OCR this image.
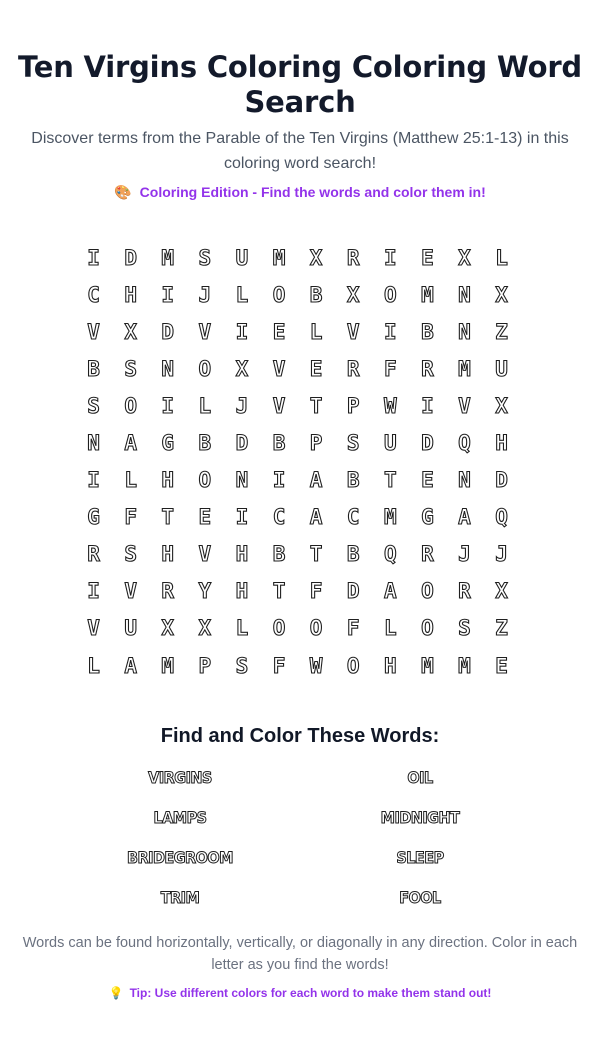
Ten Virgins Coloring Coloring Word Search
Discover terms from the Parable of the Ten Virgins (Matthew 25:1-13) in this coloring word search!
🎨 Coloring Edition - Find the words and color them in!
I	D	M	S	U	M	X	R	I	E	X	L
C	H	I	J	L	O	B	X	O	M	N	X
V	X	D	V	I	E	L	V	I	B	N	Z
B	S	N	O	X	V	E	R	F	R	M	U
S	O	I	L	J	V	T	P	W	I	V	X
N	A	G	B	D	B	P	S	U	D	Q	H
I	L	H	O	N	I	A	B	T	E	N	D
G	F	T	E	I	C	A	C	M	G	A	Q
R	S	H	V	H	B	T	B	Q	R	J	J
I	V	R	Y	H	T	F	D	A	O	R	X
V	U	X	X	L	O	O	F	L	O	S	Z
L	A	M	P	S	F	W	O	H	M	M	E
Find and Color These Words:
VIRGINS	OIL
LAMPS	MIDNIGHT
BRIDEGROOM	SLEEP
TRIM	FOOL
Words can be found horizontally, vertically, or diagonally in any direction. Color in each letter as you find the words!
💡 Tip: Use different colors for each word to make them stand out!
